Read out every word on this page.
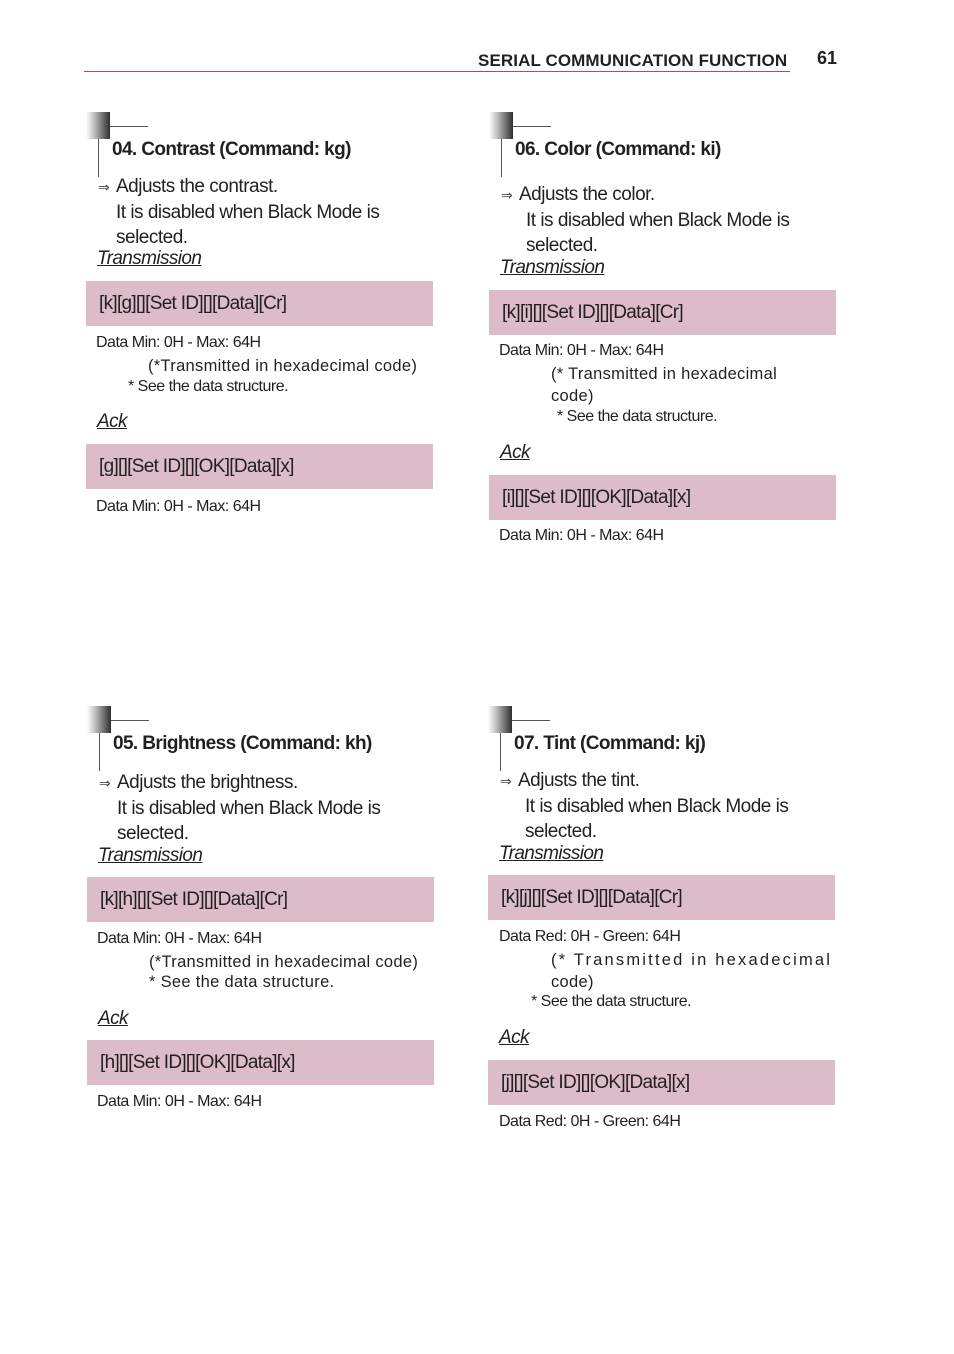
SERIAL COMMUNICATION FUNCTION 61
04. Contrast (Command: kg)
⇒ Adjusts the contrast.
It is disabled when Black Mode is
selected.
Transmission
[k][g][][Set ID][][Data][Cr]
Data Min: 0H - Max: 64H
(*Transmitted in hexadecimal code)
* See the data structure.
Ack
[g][][Set ID][][OK][Data][x]
Data Min: 0H - Max: 64H
06. Color (Command: ki)
⇒ Adjusts the color.
It is disabled when Black Mode is
selected.
Transmission
[k][i][][Set ID][][Data][Cr]
Data Min: 0H - Max: 64H
(* Transmitted in hexadecimal
code)
* See the data structure.
Ack
[i][][Set ID][][OK][Data][x]
Data Min: 0H - Max: 64H
05. Brightness (Command: kh)
⇒ Adjusts the brightness.
It is disabled when Black Mode is
selected.
Transmission
[k][h][][Set ID][][Data][Cr]
Data Min: 0H - Max: 64H
(*Transmitted in hexadecimal code)
* See the data structure.
Ack
[h][][Set ID][][OK][Data][x]
Data Min: 0H - Max: 64H
07. Tint (Command: kj)
⇒ Adjusts the tint.
It is disabled when Black Mode is
selected.
Transmission
[k][j][][Set ID][][Data][Cr]
Data Red: 0H - Green: 64H
(* Transmitted in hexadecimal
code)
* See the data structure.
Ack
[j][][Set ID][][OK][Data][x]
Data Red: 0H - Green: 64H
